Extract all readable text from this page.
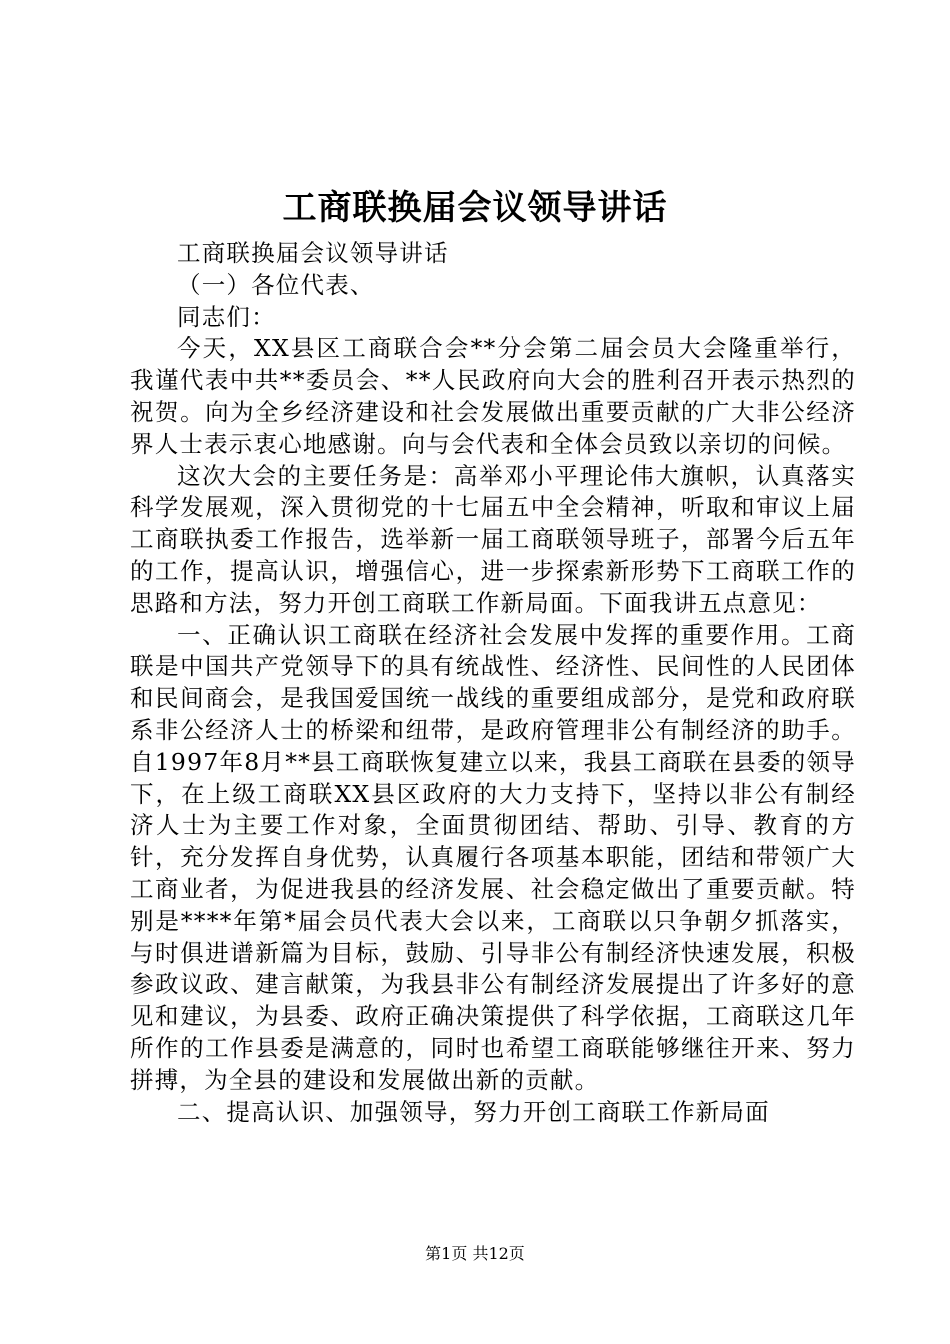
工商联换届会议领导讲话

工商联换届会议领导讲话

（一）各位代表、

同志们：

今天，XX县区工商联合会**分会第二届会员大会隆重举行，我谨代表中共**委员会、**人民政府向大会的胜利召开表示热烈的祝贺。向为全乡经济建设和社会发展做出重要贡献的广大非公经济界人士表示衷心地感谢。向与会代表和全体会员致以亲切的问候。

这次大会的主要任务是：高举邓小平理论伟大旗帜，认真落实科学发展观，深入贯彻党的十七届五中全会精神，听取和审议上届工商联执委工作报告，选举新一届工商联领导班子，部署今后五年的工作，提高认识，增强信心，进一步探索新形势下工商联工作的思路和方法，努力开创工商联工作新局面。下面我讲五点意见：

一、正确认识工商联在经济社会发展中发挥的重要作用。工商联是中国共产党领导下的具有统战性、经济性、民间性的人民团体和民间商会，是我国爱国统一战线的重要组成部分，是党和政府联系非公经济人士的桥梁和纽带，是政府管理非公有制经济的助手。自1997年8月**县工商联恢复建立以来，我县工商联在县委的领导下，在上级工商联XX县区政府的大力支持下，坚持以非公有制经济人士为主要工作对象，全面贯彻团结、帮助、引导、教育的方针，充分发挥自身优势，认真履行各项基本职能，团结和带领广大工商业者，为促进我县的经济发展、社会稳定做出了重要贡献。特别是****年第*届会员代表大会以来，工商联以只争朝夕抓落实，与时俱进谱新篇为目标，鼓励、引导非公有制经济快速发展，积极参政议政、建言献策，为我县非公有制经济发展提出了许多好的意见和建议，为县委、政府正确决策提供了科学依据，工商联这几年所作的工作县委是满意的，同时也希望工商联能够继往开来、努力拼搏，为全县的建设和发展做出新的贡献。

二、提高认识、加强领导，努力开创工商联工作新局面

第1页 共12页
